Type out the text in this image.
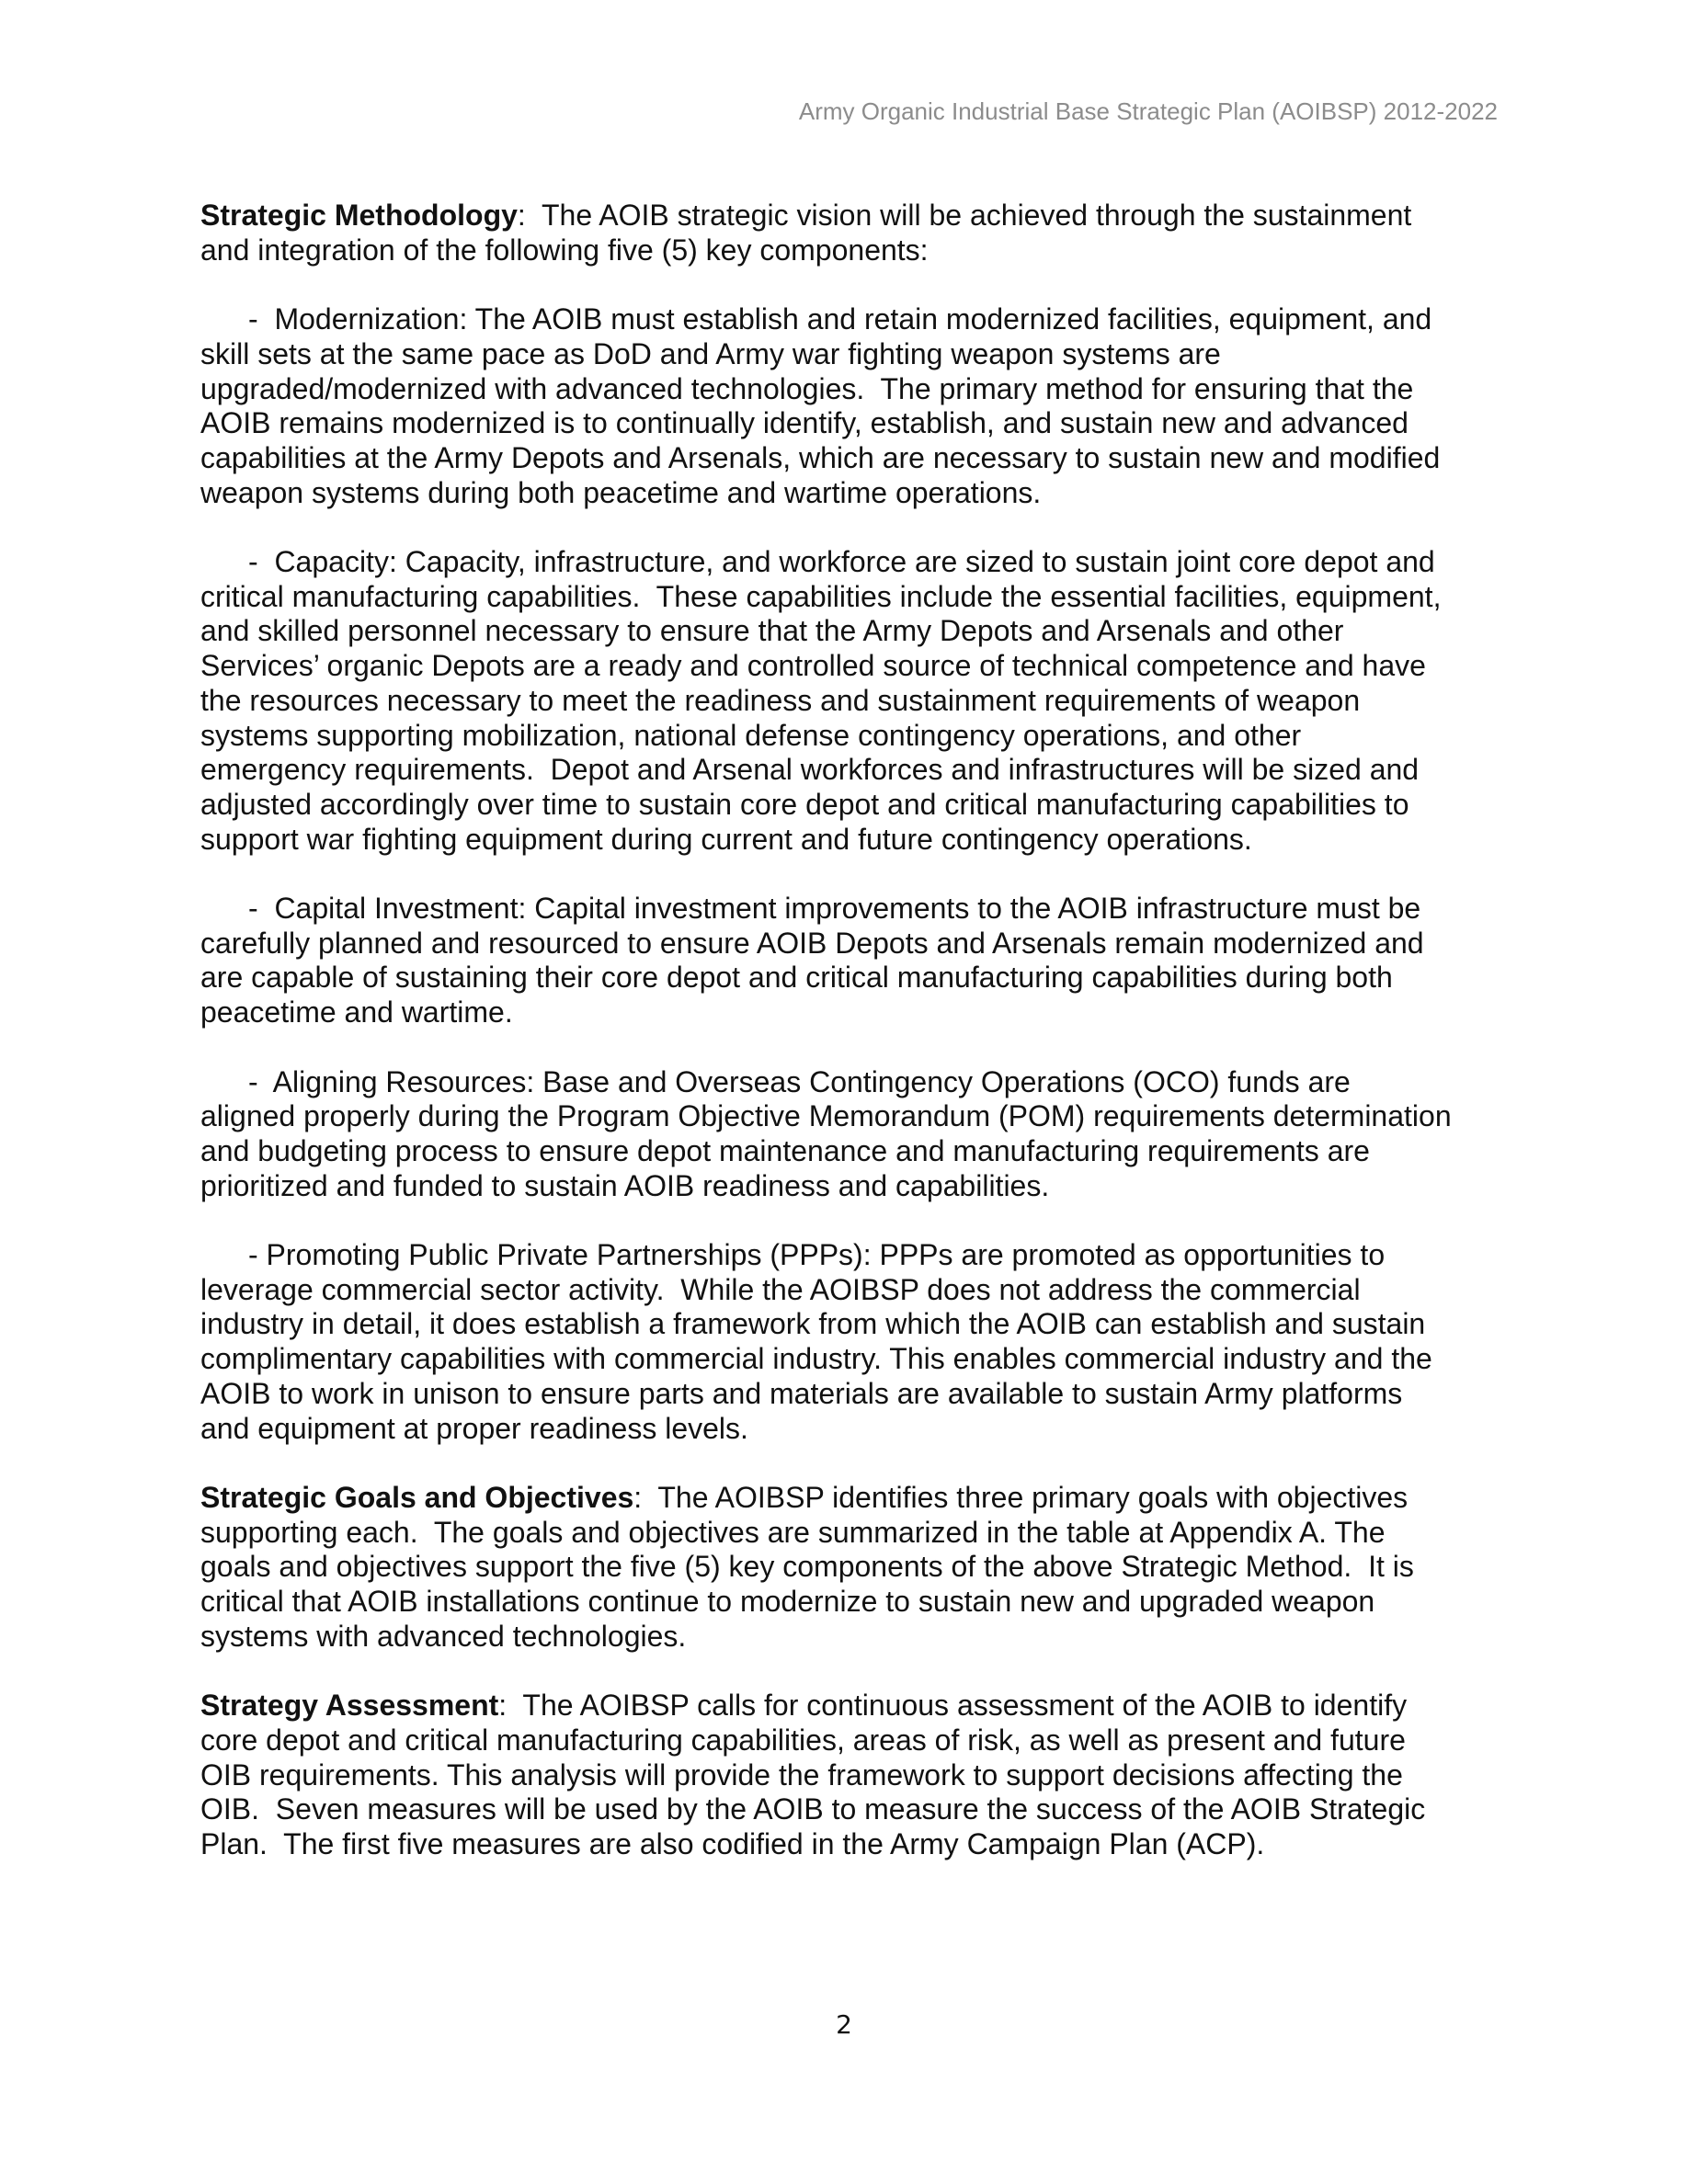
Army Organic Industrial Base Strategic Plan (AOIBSP) 2012-2022

Strategic Methodology:  The AOIB strategic vision will be achieved through the sustainment
and integration of the following five (5) key components:

-  Modernization: The AOIB must establish and retain modernized facilities, equipment, and
skill sets at the same pace as DoD and Army war fighting weapon systems are
upgraded/modernized with advanced technologies.  The primary method for ensuring that the
AOIB remains modernized is to continually identify, establish, and sustain new and advanced
capabilities at the Army Depots and Arsenals, which are necessary to sustain new and modified
weapon systems during both peacetime and wartime operations.

-  Capacity: Capacity, infrastructure, and workforce are sized to sustain joint core depot and
critical manufacturing capabilities.  These capabilities include the essential facilities, equipment,
and skilled personnel necessary to ensure that the Army Depots and Arsenals and other
Services’ organic Depots are a ready and controlled source of technical competence and have
the resources necessary to meet the readiness and sustainment requirements of weapon
systems supporting mobilization, national defense contingency operations, and other
emergency requirements.  Depot and Arsenal workforces and infrastructures will be sized and
adjusted accordingly over time to sustain core depot and critical manufacturing capabilities to
support war fighting equipment during current and future contingency operations.

-  Capital Investment: Capital investment improvements to the AOIB infrastructure must be
carefully planned and resourced to ensure AOIB Depots and Arsenals remain modernized and
are capable of sustaining their core depot and critical manufacturing capabilities during both
peacetime and wartime.

-  Aligning Resources: Base and Overseas Contingency Operations (OCO) funds are
aligned properly during the Program Objective Memorandum (POM) requirements determination
and budgeting process to ensure depot maintenance and manufacturing requirements are
prioritized and funded to sustain AOIB readiness and capabilities.

- Promoting Public Private Partnerships (PPPs): PPPs are promoted as opportunities to
leverage commercial sector activity.  While the AOIBSP does not address the commercial
industry in detail, it does establish a framework from which the AOIB can establish and sustain
complimentary capabilities with commercial industry. This enables commercial industry and the
AOIB to work in unison to ensure parts and materials are available to sustain Army platforms
and equipment at proper readiness levels.

Strategic Goals and Objectives:  The AOIBSP identifies three primary goals with objectives
supporting each.  The goals and objectives are summarized in the table at Appendix A. The
goals and objectives support the five (5) key components of the above Strategic Method.  It is
critical that AOIB installations continue to modernize to sustain new and upgraded weapon
systems with advanced technologies.

Strategy Assessment:  The AOIBSP calls for continuous assessment of the AOIB to identify
core depot and critical manufacturing capabilities, areas of risk, as well as present and future
OIB requirements. This analysis will provide the framework to support decisions affecting the
OIB.  Seven measures will be used by the AOIB to measure the success of the AOIB Strategic
Plan.  The first five measures are also codified in the Army Campaign Plan (ACP).

2
